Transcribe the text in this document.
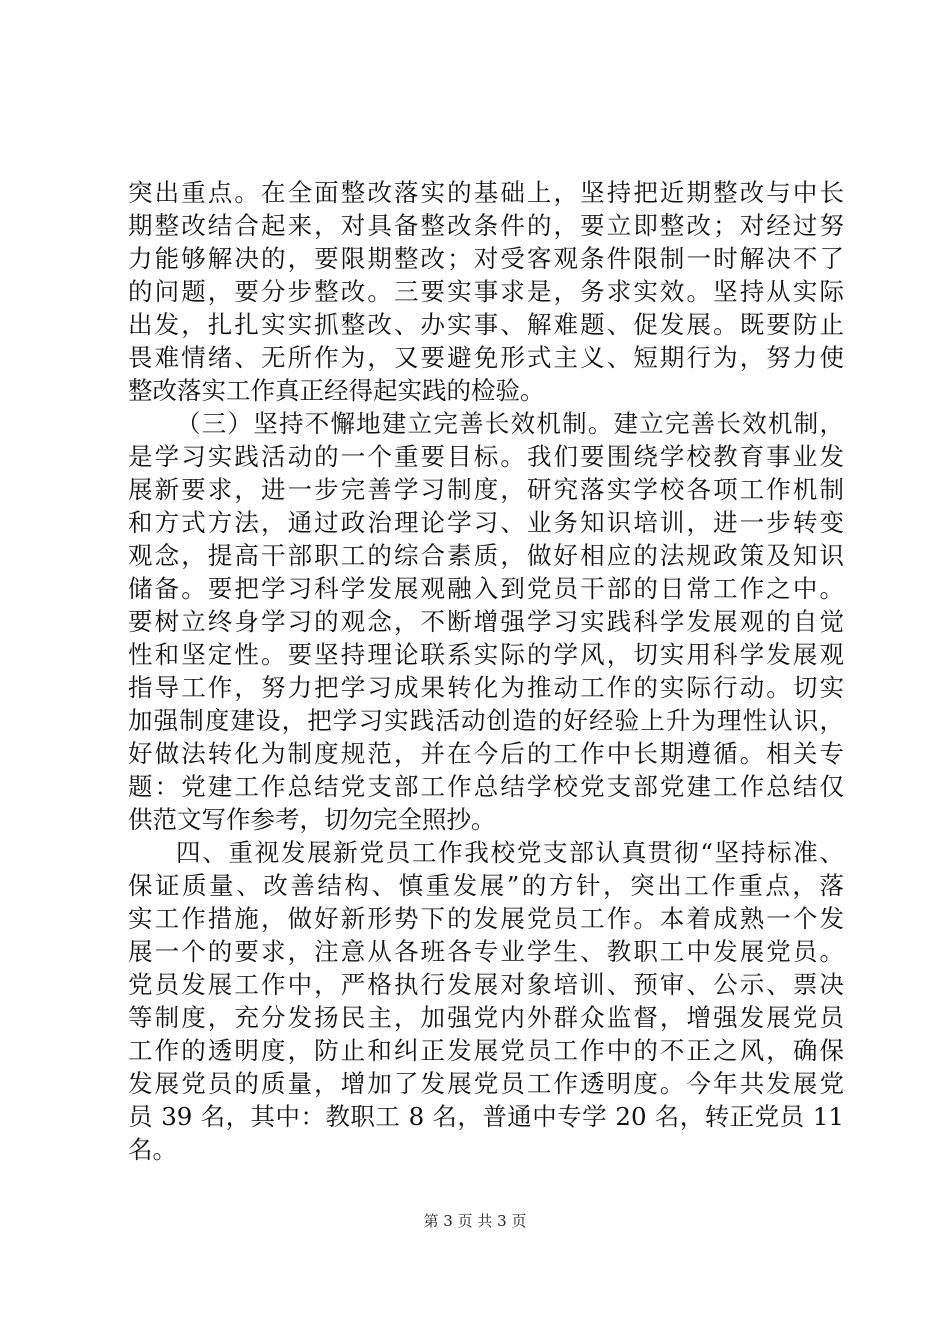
突出重点。在全面整改落实的基础上，坚持把近期整改与中长
期整改结合起来，对具备整改条件的，要立即整改；对经过努
力能够解决的，要限期整改；对受客观条件限制一时解决不了
的问题，要分步整改。三要实事求是，务求实效。坚持从实际
出发，扎扎实实抓整改、办实事、解难题、促发展。既要防止
畏难情绪、无所作为，又要避免形式主义、短期行为，努力使
整改落实工作真正经得起实践的检验。
（三）坚持不懈地建立完善长效机制。建立完善长效机制，
是学习实践活动的一个重要目标。我们要围绕学校教育事业发
展新要求，进一步完善学习制度，研究落实学校各项工作机制
和方式方法，通过政治理论学习、业务知识培训，进一步转变
观念，提高干部职工的综合素质，做好相应的法规政策及知识
储备。要把学习科学发展观融入到党员干部的日常工作之中。
要树立终身学习的观念，不断增强学习实践科学发展观的自觉
性和坚定性。要坚持理论联系实际的学风，切实用科学发展观
指导工作，努力把学习成果转化为推动工作的实际行动。切实
加强制度建设，把学习实践活动创造的好经验上升为理性认识，
好做法转化为制度规范，并在今后的工作中长期遵循。相关专
题：党建工作总结党支部工作总结学校党支部党建工作总结仅
供范文写作参考，切勿完全照抄。
四、重视发展新党员工作我校党支部认真贯彻“坚持标准、
保证质量、改善结构、慎重发展”的方针，突出工作重点，落
实工作措施，做好新形势下的发展党员工作。本着成熟一个发
展一个的要求，注意从各班各专业学生、教职工中发展党员。
党员发展工作中，严格执行发展对象培训、预审、公示、票决
等制度，充分发扬民主，加强党内外群众监督，增强发展党员
工作的透明度，防止和纠正发展党员工作中的不正之风，确保
发展党员的质量，增加了发展党员工作透明度。今年共发展党
员 39 名，其中：教职工 8 名，普通中专学 20 名，转正党员 11
名。
第 3 页 共 3 页
